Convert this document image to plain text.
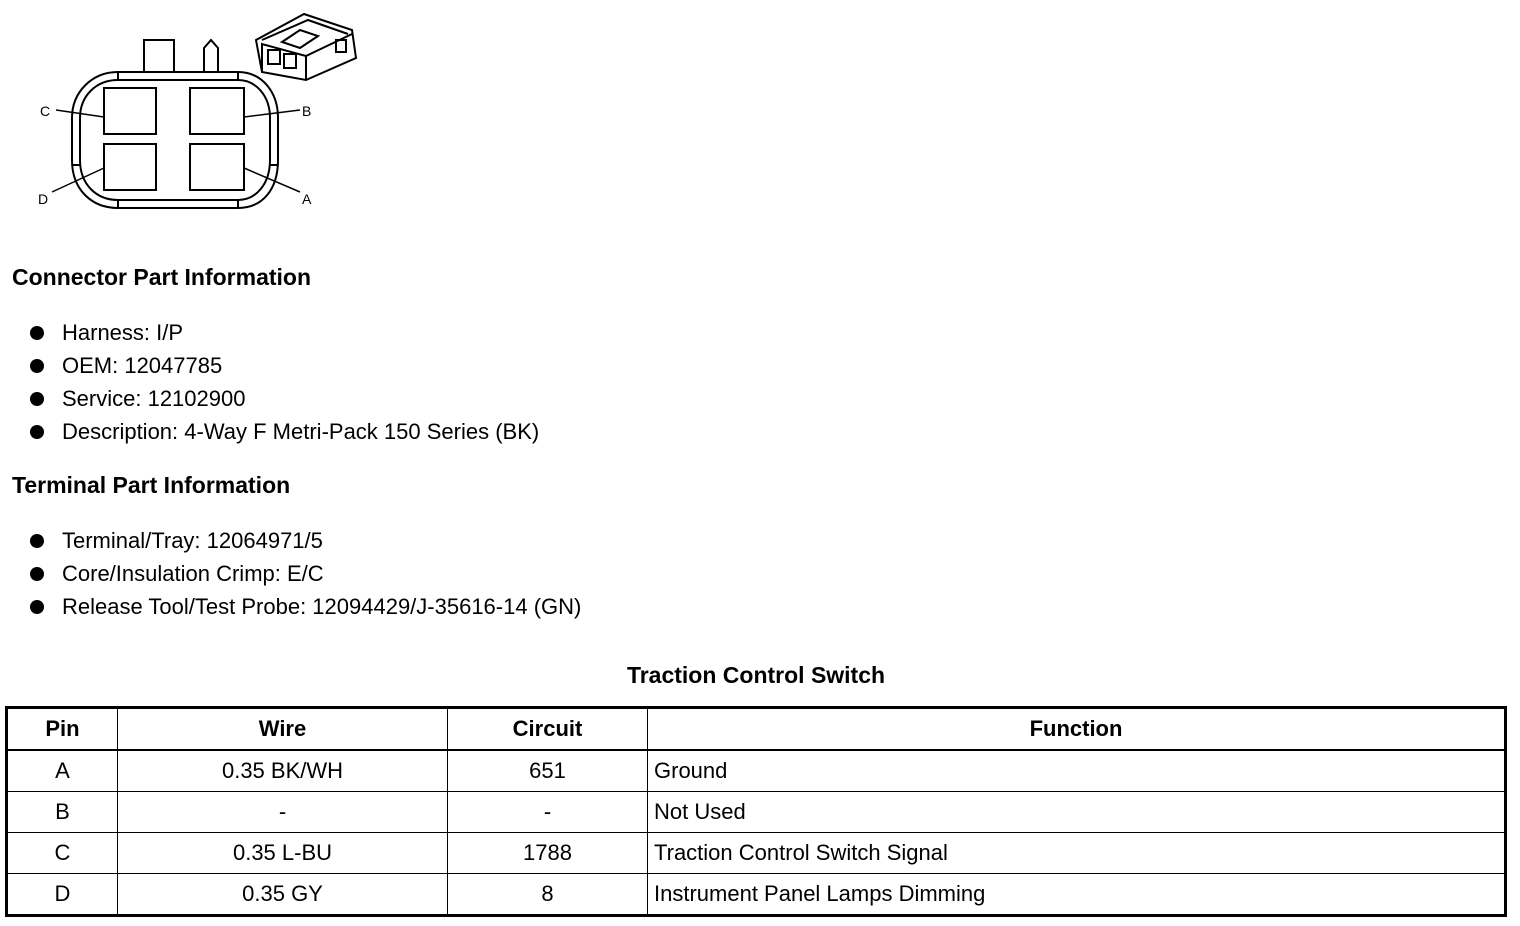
C	B
D	A
Connector Part Information
Harness: I/P
OEM: 12047785
Service: 12102900
Description: 4-Way F Metri-Pack 150 Series (BK)
Terminal Part Information
Terminal/Tray: 12064971/5
Core/Insulation Crimp: E/C
Release Tool/Test Probe: 12094429/J-35616-14 (GN)
Traction Control Switch
Pin	Wire	Circuit	Function
A	0.35 BK/WH	651	Ground
B	-	-	Not Used
C	0.35 L-BU	1788	Traction Control Switch Signal
D	0.35 GY	8	Instrument Panel Lamps Dimming
